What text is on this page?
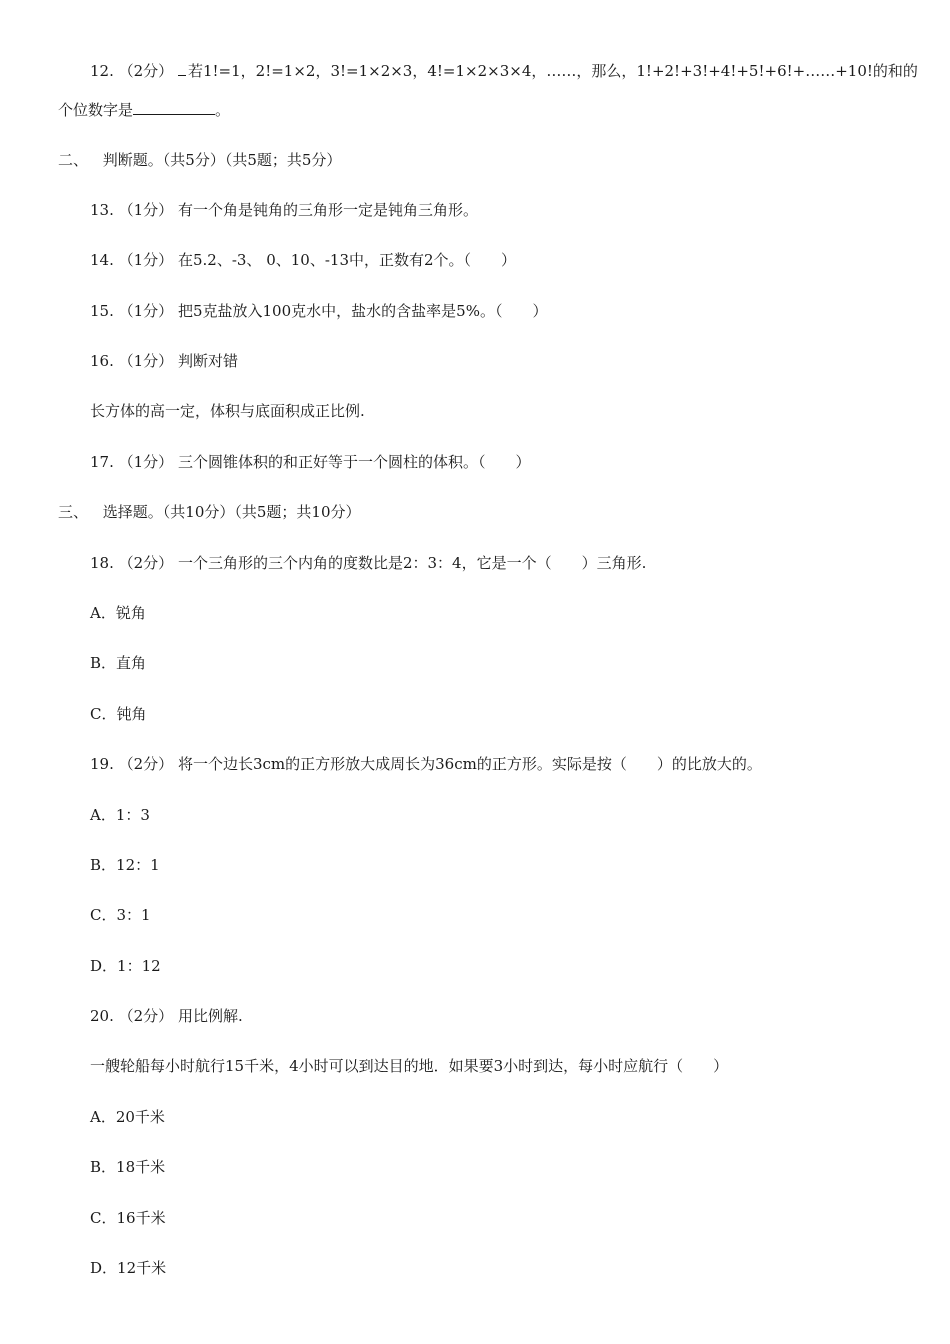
12. （2分） 若1!=1，2!=1×2，3!=1×2×3，4!=1×2×3×4，……，那么，1!+2!+3!+4!+5!+6!+……+10!的和的
个位数字是	。
二、 判断题。（共5分）（共5题；共5分）
13. （1分） 有一个角是钝角的三角形一定是钝角三角形。
14. （1分） 在5.2、-3、 0、10、-13中，正数有2个。（　　）
15. （1分） 把5克盐放入100克水中，盐水的含盐率是5%。（　　）
16. （1分） 判断对错
长方体的高一定，体积与底面积成正比例.
17. （1分） 三个圆锥体积的和正好等于一个圆柱的体积。（　　）
三、 选择题。（共10分）（共5题；共10分）
18. （2分） 一个三角形的三个内角的度数比是2：3：4，它是一个（　　）三角形.
A．锐角
B．直角
C．钝角
19. （2分） 将一个边长3cm的正方形放大成周长为36cm的正方形。实际是按（　　）的比放大的。
A．1：3
B．12：1
C．3：1
D．1：12
20. （2分） 用比例解.
一艘轮船每小时航行15千米，4小时可以到达目的地．如果要3小时到达，每小时应航行（　　）
A．20千米
B．18千米
C．16千米
D．12千米
